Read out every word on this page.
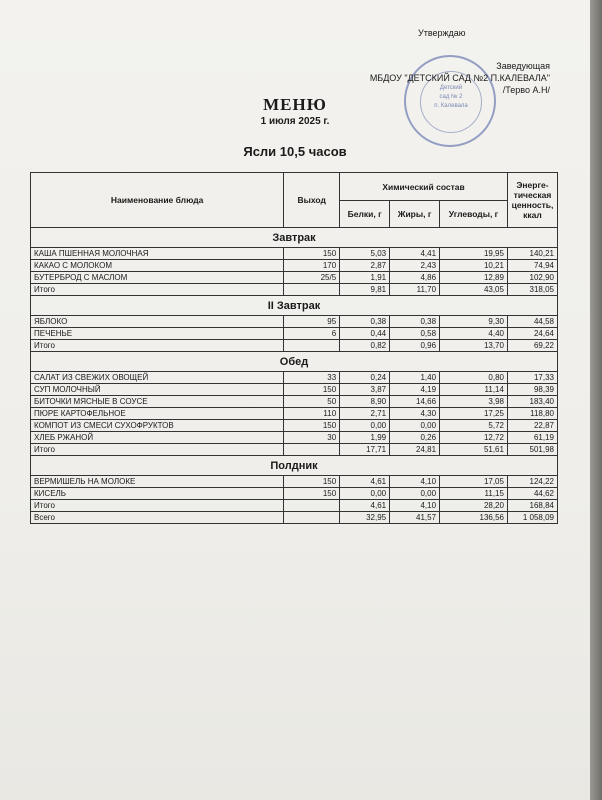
Утверждаю
Детский
сад № 2
п. Калевала
Заведующая
МБДОУ "ДЕТСКИЙ САД №2 П.КАЛЕВАЛА"
/Терво А.Н/
МЕНЮ
1 июля 2025 г.
Ясли 10,5 часов
Наименование блюда	Выход	Химический состав			Энерге-тическая ценность, ккал
		Белки, г	Жиры, г	Углеводы, г	
Завтрак					
КАША ПШЕННАЯ МОЛОЧНАЯ	150	5,03	4,41	19,95	140,21
КАКАО С МОЛОКОМ	170	2,87	2,43	10,21	74,94
БУТЕРБРОД С МАСЛОМ	25/5	1,91	4,86	12,89	102,90
Итого		9,81	11,70	43,05	318,05
II Завтрак					
ЯБЛОКО	95	0,38	0,38	9,30	44,58
ПЕЧЕНЬЕ	6	0,44	0,58	4,40	24,64
Итого		0,82	0,96	13,70	69,22
Обед					
САЛАТ ИЗ СВЕЖИХ ОВОЩЕЙ	33	0,24	1,40	0,80	17,33
СУП МОЛОЧНЫЙ	150	3,87	4,19	11,14	98,39
БИТОЧКИ МЯСНЫЕ В СОУСЕ	50	8,90	14,66	3,98	183,40
ПЮРЕ КАРТОФЕЛЬНОЕ	110	2,71	4,30	17,25	118,80
КОМПОТ ИЗ СМЕСИ СУХОФРУКТОВ	150	0,00	0,00	5,72	22,87
ХЛЕБ РЖАНОЙ	30	1,99	0,26	12,72	61,19
Итого		17,71	24,81	51,61	501,98
Полдник					
ВЕРМИШЕЛЬ НА МОЛОКЕ	150	4,61	4,10	17,05	124,22
КИСЕЛЬ	150	0,00	0,00	11,15	44,62
Итого		4,61	4,10	28,20	168,84
Всего		32,95	41,57	136,56	1 058,09
